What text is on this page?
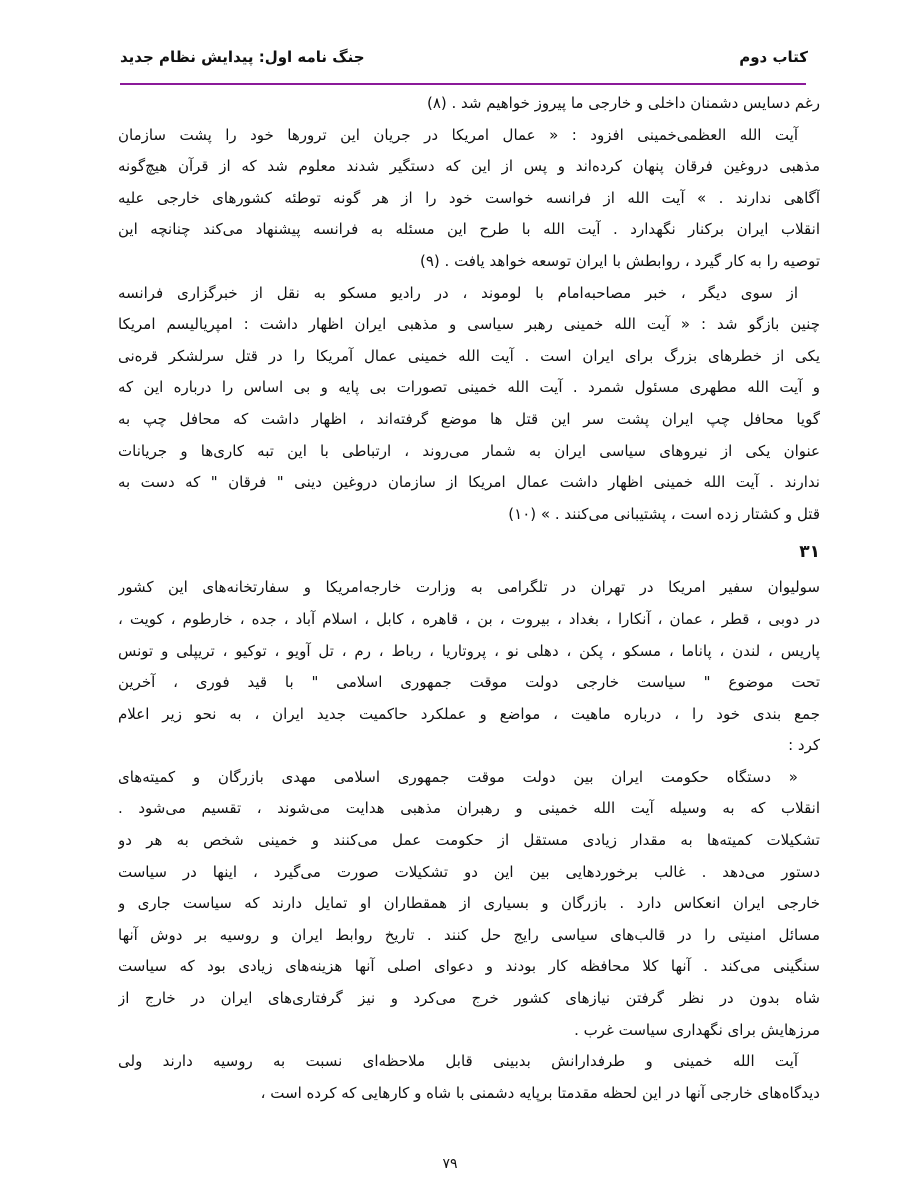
کتاب دوم
جنگ نامه اول: پیدایش نظام جدید
رغم دسایس دشمنان داخلی و خارجی ما پیروز خواهیم شد . (۸)
آیت الله العظمی‌خمینی افزود : « عمال امریکا در جریان این ترورها خود را پشت سازمان
مذهبی دروغین فرقان پنهان کرده‌اند و پس از این که دستگیر شدند معلوم شد که از قرآن هیچ‌گونه
آگاهی ندارند . » آیت الله از فرانسه خواست خود را از هر گونه توطئه کشورهای خارجی علیه
انقلاب ایران برکنار نگهدارد . آیت الله با طرح این مسئله به فرانسه پیشنهاد می‌کند چنانچه این
توصیه را به کار گیرد ، روابطش با ایران توسعه خواهد یافت . (۹)
از سوی دیگر ، خبر مصاحبه‌امام با لوموند ، در رادیو مسکو به نقل از خبرگزاری فرانسه
چنین بازگو شد : « آیت الله خمینی رهبر سیاسی و مذهبی ایران اظهار داشت : امپریالیسم امریکا
یکی از خطرهای بزرگ برای ایران است . آیت الله خمینی عمال آمریکا را در قتل سرلشکر قره‌نی
و آیت الله مطهری مسئول شمرد . آیت الله خمینی تصورات بی پایه و بی اساس را درباره این که
گویا محافل چپ ایران پشت سر این قتل ها موضع گرفته‌اند ، اظهار داشت که محافل چپ به
عنوان یکی از نیروهای سیاسی ایران به شمار می‌روند ، ارتباطی با این تبه کاری‌ها و جریانات
ندارند . آیت الله خمینی اظهار داشت عمال امریکا از سازمان دروغین دینی " فرقان " که دست به
قتل و کشتار زده است ، پشتیبانی می‌کنند . » (۱۰)
۳۱
سولیوان سفیر امریکا در تهران در تلگرامی به وزارت خارجه‌امریکا و سفارتخانه‌های این کشور
در دوبی ، قطر ، عمان ، آنکارا ، بغداد ، بیروت ، بن ، قاهره ، کابل ، اسلام آباد ، جده ، خارطوم ، کویت ،
پاریس ، لندن ، پاناما ، مسکو ، پکن ، دهلی نو ، پروتاریا ، رباط ، رم ، تل آویو ، توکیو ، تریپلی و تونس
تحت موضوع " سیاست خارجی دولت موقت جمهوری اسلامی " با قید فوری ، آخرین
جمع بندی خود را ، درباره ماهیت ، مواضع و عملکرد حاکمیت جدید ایران ، به نحو زیر اعلام
کرد :
« دستگاه حکومت ایران بین دولت موقت جمهوری اسلامی مهدی بازرگان و کمیته‌های
انقلاب که به وسیله آیت الله خمینی و رهبران مذهبی هدایت می‌شوند ، تقسیم می‌شود .
تشکیلات کمیته‌ها به مقدار زیادی مستقل از حکومت عمل می‌کنند و خمینی شخص به هر دو
دستور می‌دهد . غالب برخوردهایی بین این دو تشکیلات صورت می‌گیرد ، اینها در سیاست
خارجی ایران انعکاس دارد . بازرگان و بسیاری از همقطاران او تمایل دارند که سیاست جاری و
مسائل امنیتی را در قالب‌های سیاسی رایج حل کنند . تاریخ روابط ایران و روسیه بر دوش آنها
سنگینی می‌کند . آنها کلا محافظه کار بودند و دعوای اصلی آنها هزینه‌های زیادی بود که سیاست
شاه بدون در نظر گرفتن نیازهای کشور خرج می‌کرد و نیز گرفتاری‌های ایران در خارج از
مرزهایش برای نگهداری سیاست غرب .
آیت الله خمینی و طرفدارانش بدبینی قابل ملاحظه‌ای نسبت به روسیه دارند ولی
دیدگاه‌های خارجی آنها در این لحظه مقدمتا برپایه دشمنی با شاه و کارهایی که کرده است ،
۷۹
